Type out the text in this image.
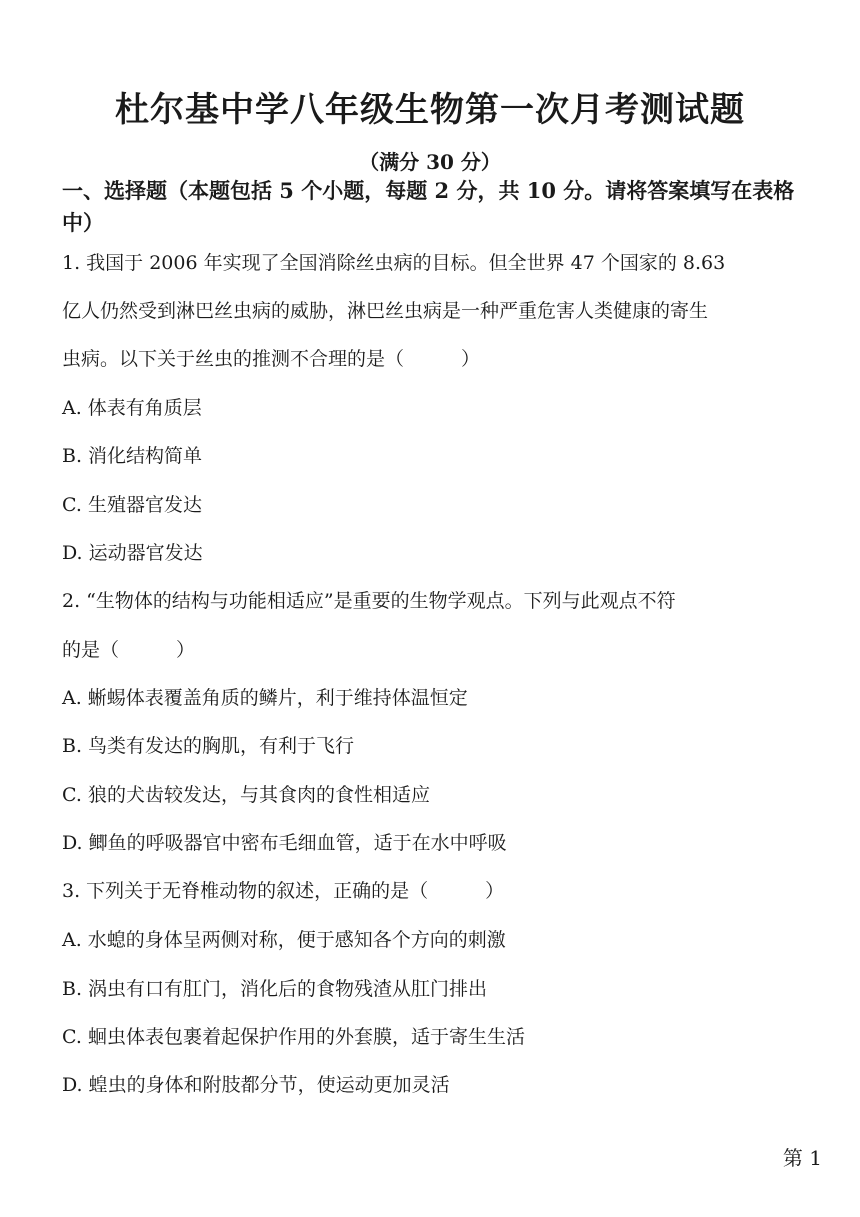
杜尔基中学八年级生物第一次月考测试题
（满分 30 分）
一、选择题（本题包括 5 个小题，每题 2 分，共 10 分。请将答案填写在表格中）
1. 我国于 2006 年实现了全国消除丝虫病的目标。但全世界 47 个国家的 8.63
亿人仍然受到淋巴丝虫病的威胁，淋巴丝虫病是一种严重危害人类健康的寄生
虫病。以下关于丝虫的推测不合理的是（　　　）
A. 体表有角质层
B. 消化结构简单
C. 生殖器官发达
D. 运动器官发达
2. “生物体的结构与功能相适应”是重要的生物学观点。下列与此观点不符
的是（　　　）
A. 蜥蜴体表覆盖角质的鳞片，利于维持体温恒定
B. 鸟类有发达的胸肌，有利于飞行
C. 狼的犬齿较发达，与其食肉的食性相适应
D. 鲫鱼的呼吸器官中密布毛细血管，适于在水中呼吸
3. 下列关于无脊椎动物的叙述，正确的是（　　　）
A. 水螅的身体呈两侧对称，便于感知各个方向的刺激
B. 涡虫有口有肛门，消化后的食物残渣从肛门排出
C. 蛔虫体表包裹着起保护作用的外套膜，适于寄生生活
D. 蝗虫的身体和附肢都分节，使运动更加灵活
第 1
